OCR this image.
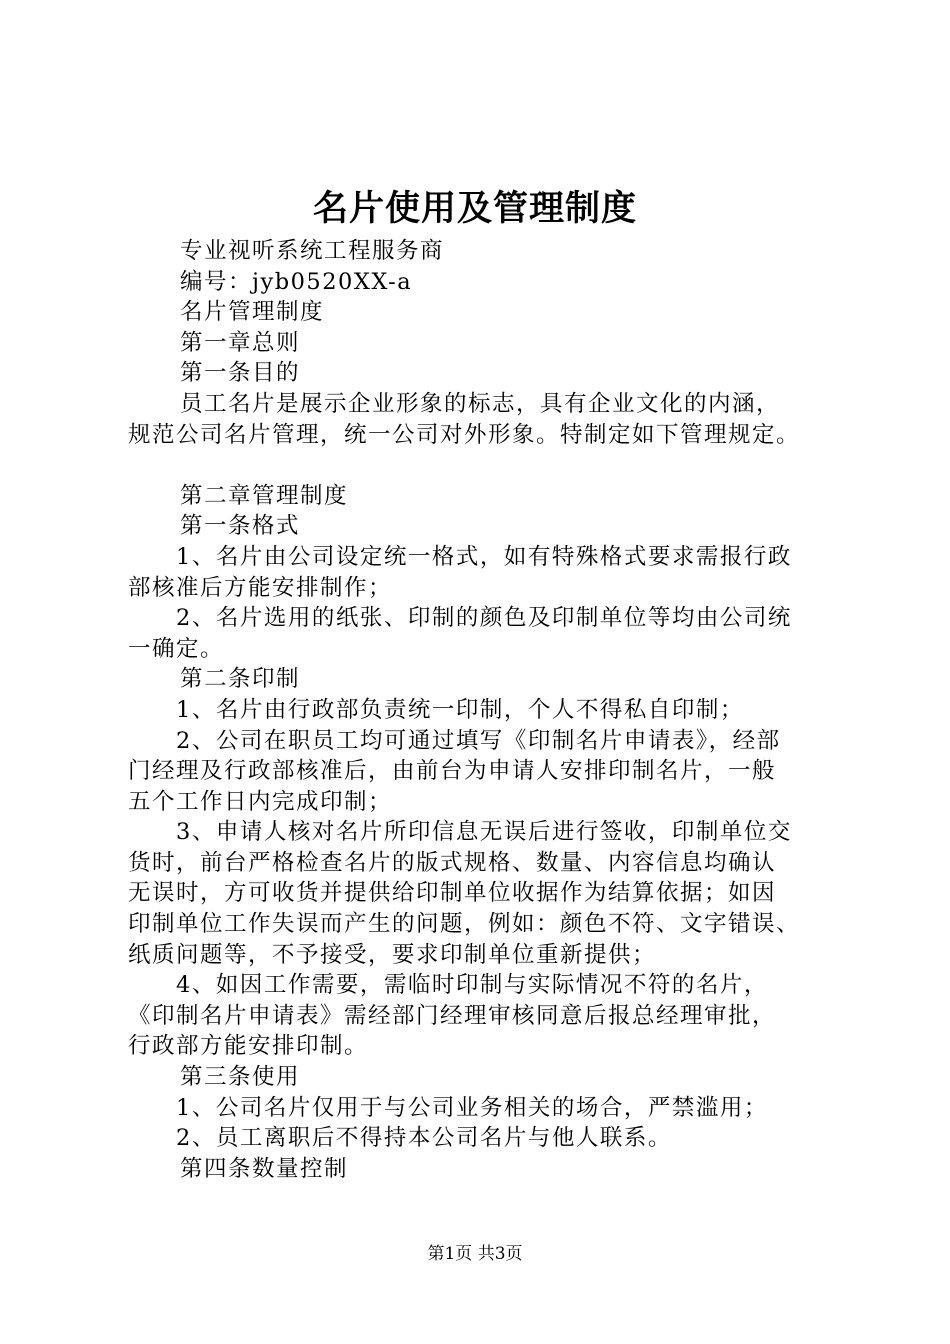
名片使用及管理制度
专业视听系统工程服务商
编号：jyb0520XX-a
名片管理制度
第一章总则
第一条目的
员工名片是展示企业形象的标志，具有企业文化的内涵，
规范公司名片管理，统一公司对外形象。特制定如下管理规定。
第二章管理制度
第一条格式
1、名片由公司设定统一格式，如有特殊格式要求需报行政
部核准后方能安排制作；
2、名片选用的纸张、印制的颜色及印制单位等均由公司统
一确定。
第二条印制
1、名片由行政部负责统一印制，个人不得私自印制；
2、公司在职员工均可通过填写《印制名片申请表》，经部
门经理及行政部核准后，由前台为申请人安排印制名片，一般
五个工作日内完成印制；
3、申请人核对名片所印信息无误后进行签收，印制单位交
货时，前台严格检查名片的版式规格、数量、内容信息均确认
无误时，方可收货并提供给印制单位收据作为结算依据；如因
印制单位工作失误而产生的问题，例如：颜色不符、文字错误、
纸质问题等，不予接受，要求印制单位重新提供；
4、如因工作需要，需临时印制与实际情况不符的名片，
《印制名片申请表》需经部门经理审核同意后报总经理审批，
行政部方能安排印制。
第三条使用
1、公司名片仅用于与公司业务相关的场合，严禁滥用；
2、员工离职后不得持本公司名片与他人联系。
第四条数量控制
第1页 共3页
